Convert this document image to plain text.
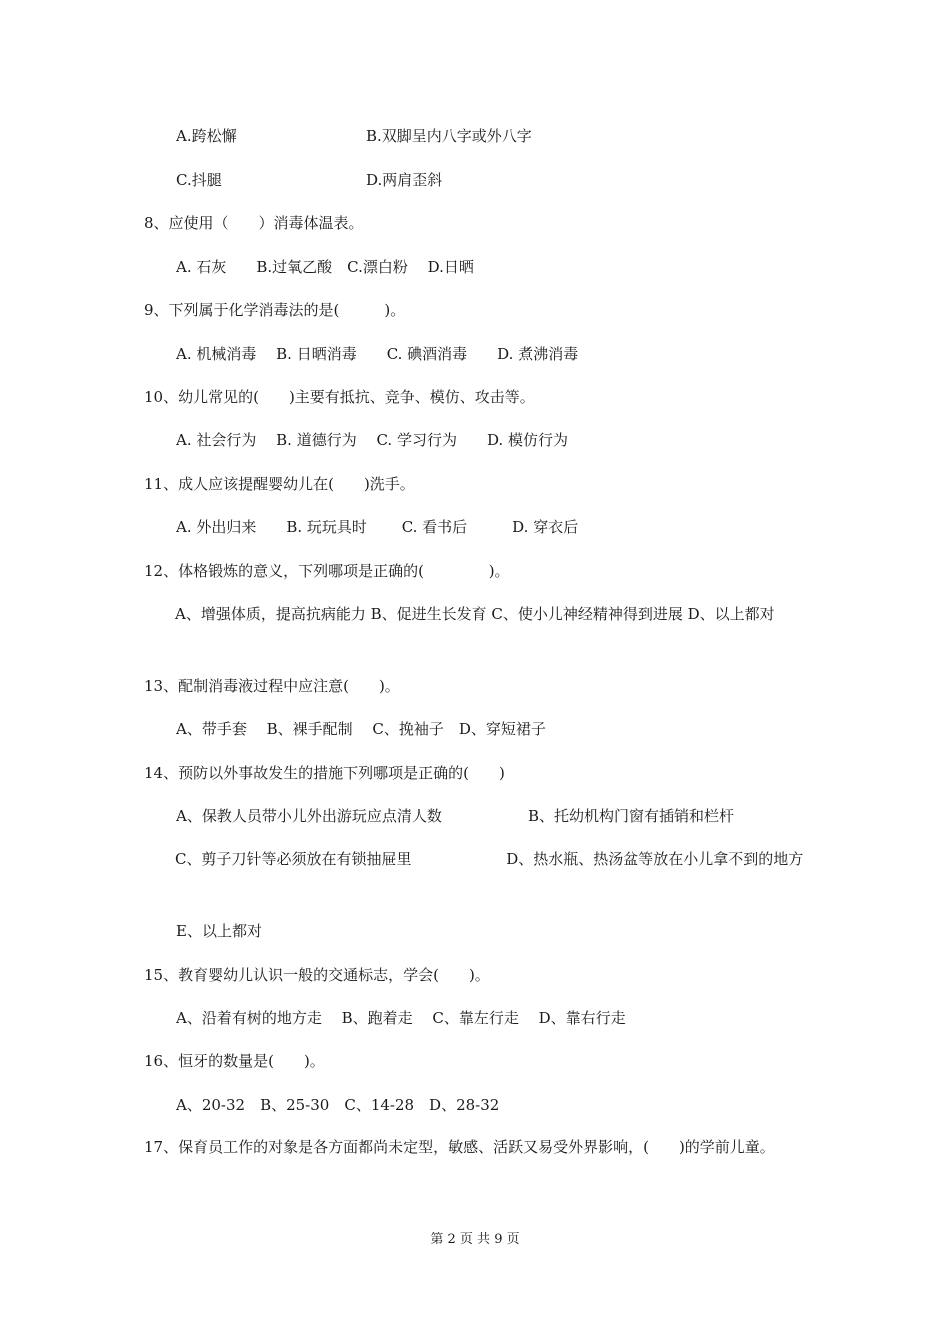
A.跨松懈	B.双脚呈内八字或外八字
C.抖腿	D.两肩歪斜
8、应使用（　　）消毒体温表。
A. 石灰　　B.过氧乙酸　C.漂白粉　 D.日晒
9、下列属于化学消毒法的是(　　　)。
A. 机械消毒　 B. 日晒消毒　　C. 碘酒消毒　　D. 煮沸消毒
10、幼儿常见的(　　)主要有抵抗、竞争、模仿、攻击等。
A. 社会行为　 B. 道德行为　 C. 学习行为　　D. 模仿行为
11、成人应该提醒婴幼儿在(　　)洗手。
A. 外出归来　　B. 玩玩具时　　 C. 看书后　　　D. 穿衣后
12、体格锻炼的意义，下列哪项是正确的(　　　　 )。
A、增强体质，提高抗病能力 B、促进生长发育 C、使小儿神经精神得到进展 D、以上都对
13、配制消毒液过程中应注意(　　)。
A、带手套　 B、裸手配制　 C、挽袖子　D、穿短裙子
14、预防以外事故发生的措施下列哪项是正确的(　　)
A、保教人员带小儿外出游玩应点清人数	B、托幼机构门窗有插销和栏杆
C、剪子刀针等必须放在有锁抽屉里　　　　　　 D、热水瓶、热汤盆等放在小儿拿不到的地方
E、以上都对
15、教育婴幼儿认识一般的交通标志，学会(　　)。
A、沿着有树的地方走　 B、跑着走　 C、靠左行走　 D、靠右行走
16、恒牙的数量是(　　)。
A、20-32　B、25-30　C、14-28　D、28-32
17、保育员工作的对象是各方面都尚未定型，敏感、活跃又易受外界影响，(　　)的学前儿童。
第 2 页 共 9 页
